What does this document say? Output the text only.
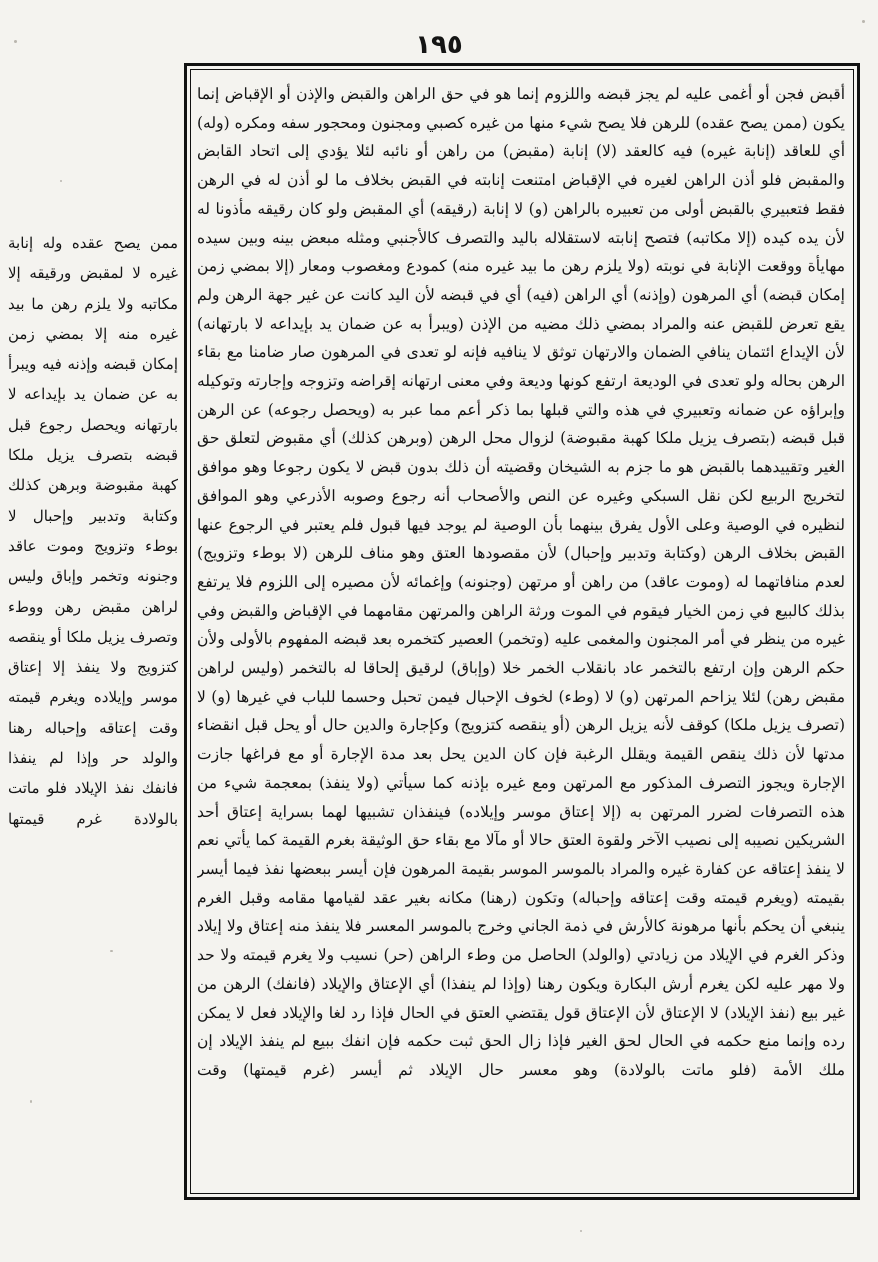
١٩٥

أقبض فجن أو أغمى عليه لم يجز قبضه واللزوم إنما هو في حق الراهن والقبض والإذن أو الإقباض إنما يكون (ممن يصح عقده) للرهن فلا يصح شيء منها من غيره كصبي ومجنون ومحجور سفه ومكره (وله) أي للعاقد (إنابة غيره) فيه كالعقد (لا) إنابة (مقبض) من راهن أو نائبه لئلا يؤدي إلى اتحاد القابض والمقبض فلو أذن الراهن لغيره في الإقباض امتنعت إنابته في القبض بخلاف ما لو أذن له في الرهن فقط فتعبيري بالقبض أولى من تعبيره بالراهن (و) لا إنابة (رقيقه) أي المقبض ولو كان رقيقه مأذونا له لأن يده كيده (إلا مكاتبه) فتصح إنابته لاستقلاله باليد والتصرف كالأجنبي ومثله مبعض بينه وبين سيده مهايأة ووقعت الإنابة في نوبته (ولا يلزم رهن ما بيد غيره منه) كمودع ومغصوب ومعار (إلا بمضي زمن إمكان قبضه) أي المرهون (وإذنه) أي الراهن (فيه) أي في قبضه لأن اليد كانت عن غير جهة الرهن ولم يقع تعرض للقبض عنه والمراد بمضي ذلك مضيه من الإذن (ويبرأ به عن ضمان يد بإيداعه لا بارتهانه) لأن الإيداع ائتمان ينافي الضمان والارتهان توثق لا ينافيه فإنه لو تعدى في المرهون صار ضامنا مع بقاء الرهن بحاله ولو تعدى في الوديعة ارتفع كونها وديعة وفي معنى ارتهانه إقراضه وتزوجه وإجارته وتوكيله وإبراؤه عن ضمانه وتعبيري في هذه والتي قبلها بما ذكر أعم مما عبر به (ويحصل رجوعه) عن الرهن قبل قبضه (بتصرف يزيل ملكا كهبة مقبوضة) لزوال محل الرهن (وبرهن كذلك) أي مقبوض لتعلق حق الغير وتقييدهما بالقبض هو ما جزم به الشيخان وقضيته أن ذلك بدون قبض لا يكون رجوعا وهو موافق لتخريج الربيع لكن نقل السبكي وغيره عن النص والأصحاب أنه رجوع وصوبه الأذرعي وهو الموافق لنظيره في الوصية وعلى الأول يفرق بينهما بأن الوصية لم يوجد فيها قبول فلم يعتبر في الرجوع عنها القبض بخلاف الرهن (وكتابة وتدبير وإحبال) لأن مقصودها العتق وهو مناف للرهن (لا بوطء وتزويج) لعدم منافاتهما له (وموت عاقد) من راهن أو مرتهن (وجنونه) وإغمائه لأن مصيره إلى اللزوم فلا يرتفع بذلك كالبيع في زمن الخيار فيقوم في الموت ورثة الراهن والمرتهن مقامهما في الإقباض والقبض وفي غيره من ينظر في أمر المجنون والمغمى عليه (وتخمر) العصير كتخمره بعد قبضه المفهوم بالأولى ولأن حكم الرهن وإن ارتفع بالتخمر عاد بانقلاب الخمر خلا (وإباق) لرقيق إلحاقا له بالتخمر (وليس لراهن مقبض رهن) لئلا يزاحم المرتهن (و) لا (وطء) لخوف الإحبال فيمن تحبل وحسما للباب في غيرها (و) لا (تصرف يزيل ملكا) كوقف لأنه يزيل الرهن (أو ينقصه كتزويج) وكإجارة والدين حال أو يحل قبل انقضاء مدتها لأن ذلك ينقص القيمة ويقلل الرغبة فإن كان الدين يحل بعد مدة الإجارة أو مع فراغها جازت الإجارة ويجوز التصرف المذكور مع المرتهن ومع غيره بإذنه كما سيأتي (ولا ينفذ) بمعجمة شيء من هذه التصرفات لضرر المرتهن به (إلا إعتاق موسر وإيلاده) فينفذان تشبيها لهما بسراية إعتاق أحد الشريكين نصيبه إلى نصيب الآخر ولقوة العتق حالا أو مآلا مع بقاء حق الوثيقة بغرم القيمة كما يأتي نعم لا ينفذ إعتاقه عن كفارة غيره والمراد بالموسر الموسر بقيمة المرهون فإن أيسر ببعضها نفذ فيما أيسر بقيمته (ويغرم قيمته وقت إعتاقه وإحباله) وتكون (رهنا) مكانه بغير عقد لقيامها مقامه وقبل الغرم ينبغي أن يحكم بأنها مرهونة كالأرش في ذمة الجاني وخرج بالموسر المعسر فلا ينفذ منه إعتاق ولا إيلاد وذكر الغرم في الإيلاد من زيادتي (والولد) الحاصل من وطء الراهن (حر) نسيب ولا يغرم قيمته ولا حد ولا مهر عليه لكن يغرم أرش البكارة ويكون رهنا (وإذا لم ينفذا) أي الإعتاق والإيلاد (فانفك) الرهن من غير بيع (نفذ الإيلاد) لا الإعتاق لأن الإعتاق قول يقتضي العتق في الحال فإذا رد لغا والإيلاد فعل لا يمكن رده وإنما منع حكمه في الحال لحق الغير فإذا زال الحق ثبت حكمه فإن انفك ببيع لم ينفذ الإيلاد إن ملك الأمة (فلو ماتت بالولادة) وهو معسر حال الإيلاد ثم أيسر (غرم قيمتها) وقت

ممن يصح عقده وله إنابة غيره لا لمقبض ورقيقه إلا مكاتبه ولا يلزم رهن ما بيد غيره منه إلا بمضي زمن إمكان قبضه وإذنه فيه ويبرأ به عن ضمان يد بإيداعه لا بارتهانه ويحصل رجوع قبل قبضه بتصرف يزيل ملكا كهبة مقبوضة وبرهن كذلك وكتابة وتدبير وإحبال لا بوطء وتزويج وموت عاقد وجنونه وتخمر وإباق وليس لراهن مقبض رهن ووطء وتصرف يزيل ملكا أو ينقصه كتزويج ولا ينفذ إلا إعتاق موسر وإيلاده ويغرم قيمته وقت إعتاقه وإحباله رهنا والولد حر وإذا لم ينفذا فانفك نفذ الإيلاد فلو ماتت بالولادة غرم قيمتها
